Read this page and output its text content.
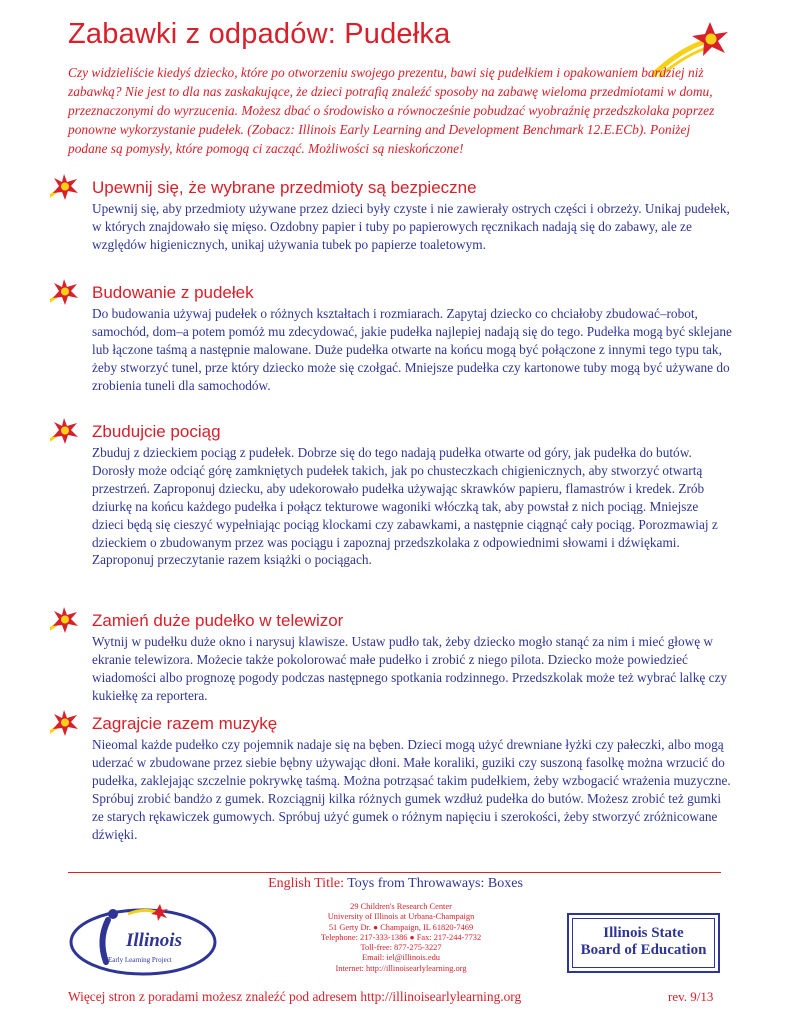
Zabawki z odpadów: Pudełka

Czy widzieliście kiedyś dziecko, które po otworzeniu swojego prezentu, bawi się pudełkiem i opakowaniem bardziej niż zabawką? Nie jest to dla nas zaskakujące, że dzieci potrafią znaleźć sposoby na zabawę wieloma przedmiotami w domu, przeznaczonymi do wyrzucenia. Możesz dbać o środowisko a równocześnie pobudzać wyobraźnię przedszkolaka poprzez ponowne wykorzystanie pudełek. (Zobacz: Illinois Early Learning and Development Benchmark 12.E.ECb). Poniżej podane są pomysły, które pomogą ci zacząć. Możliwości są nieskończone!

Upewnij się, że wybrane przedmioty są bezpieczne

Upewnij się, aby przedmioty używane przez dzieci były czyste i nie zawierały ostrych części i obrzeży. Unikaj pudełek, w których znajdowało się mięso. Ozdobny papier i tuby po papierowych ręcznikach nadają się do zabawy, ale ze względów higienicznych, unikaj używania tubek po papierze toaletowym.

Budowanie z pudełek

Do budowania używaj pudełek o różnych kształtach i rozmiarach. Zapytaj dziecko co chciałoby zbudować–robot, samochód, dom–a potem pomóż mu zdecydować, jakie pudełka najlepiej nadają się do tego. Pudełka mogą być sklejane lub łączone taśmą a następnie malowane. Duże pudełka otwarte na końcu mogą być połączone z innymi tego typu tak, żeby stworzyć tunel, prze który dziecko może się czołgać. Mniejsze pudełka czy kartonowe tuby mogą być używane do zrobienia tuneli dla samochodów.

Zbudujcie pociąg

Zbuduj z dzieckiem pociąg z pudełek. Dobrze się do tego nadają pudełka otwarte od góry, jak pudełka do butów. Dorosły może odciąć górę zamkniętych pudełek takich, jak po chusteczkach chigienicznych, aby stworzyć otwartą przestrzeń. Zaproponuj dziecku, aby udekorowało pudełka używając skrawków papieru, flamastrów i kredek. Zrób dziurkę na końcu każdego pudełka i połącz tekturowe wagoniki włóczką tak, aby powstał z nich pociąg. Mniejsze dzieci będą się cieszyć wypełniając pociąg klockami czy zabawkami, a następnie ciągnąć cały pociąg. Porozmawiaj z dzieckiem o zbudowanym przez was pociągu i zapoznaj przedszkolaka z odpowiednimi słowami i dźwiękami. Zaproponuj przeczytanie razem książki o pociągach.

Zamień duże pudełko w telewizor

Wytnij w pudełku duże okno i narysuj klawisze. Ustaw pudło tak, żeby dziecko mogło stanąć za nim i mieć głowę w ekranie telewizora. Możecie także pokolorować małe pudełko i zrobić z niego pilota. Dziecko może powiedzieć wiadomości albo prognozę pogody podczas następnego spotkania rodzinnego. Przedszkolak może też wybrać lalkę czy kukiełkę za reportera.

Zagrajcie razem muzykę

Nieomal każde pudełko czy pojemnik nadaje się na bęben. Dzieci mogą użyć drewniane łyżki czy pałeczki, albo mogą uderzać w zbudowane przez siebie bębny używając dłoni. Małe koraliki, guziki czy suszoną fasolkę można wrzucić do pudełka, zaklejając szczelnie pokrywkę taśmą. Można potrząsać takim pudełkiem, żeby wzbogacić wrażenia muzyczne. Spróbuj zrobić bandżo z gumek. Rozciągnij kilka różnych gumek wzdłuż pudełka do butów. Możesz zrobić też gumki ze starych rękawiczek gumowych. Spróbuj użyć gumek o różnym napięciu i szerokości, żeby stworzyć zróżnicowane dźwięki.

English Title: Toys from Throwaways: Boxes
Illinois
Early Learning Project
29 Children's Research Center
University of Illinois at Urbana-Champaign
51 Gerty Dr. ● Champaign, IL 61820-7469
Telephone: 217-333-1386 ● Fax: 217-244-7732
Toll-free: 877-275-3227
Email: iel@illinois.edu
Internet: http://illinoisearlylearning.org
Illinois State
Board of Education
Więcej stron z poradami możesz znaleźć pod adresem http://illinoisearlylearning.org	rev. 9/13
